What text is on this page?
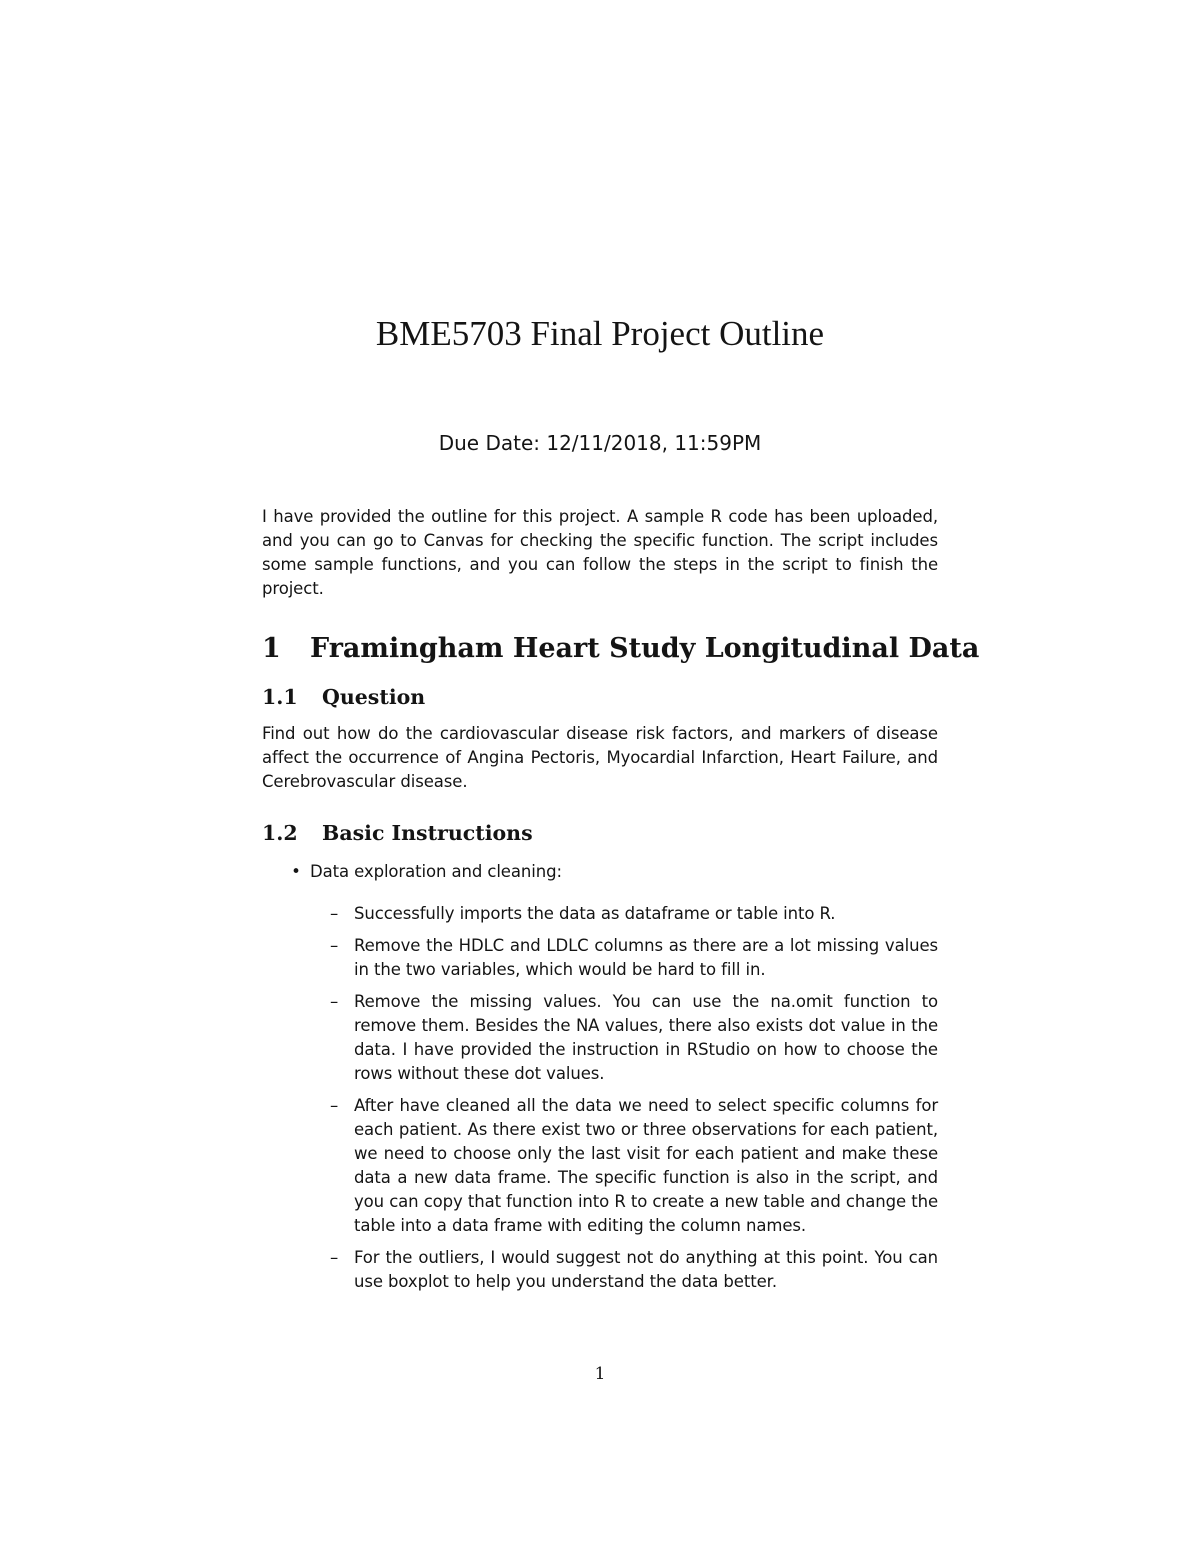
BME5703 Final Project Outline
Due Date: 12/11/2018, 11:59PM
I have provided the outline for this project. A sample R code has been uploaded, and you can go to Canvas for checking the specific function. The script includes some sample functions, and you can follow the steps in the script to finish the project.
1 Framingham Heart Study Longitudinal Data
1.1 Question
Find out how do the cardiovascular disease risk factors, and markers of disease affect the occurrence of Angina Pectoris, Myocardial Infarction, Heart Failure, and Cerebrovascular disease.
1.2 Basic Instructions
• Data exploration and cleaning:
– Successfully imports the data as dataframe or table into R.
– Remove the HDLC and LDLC columns as there are a lot missing values in the two variables, which would be hard to fill in.
– Remove the missing values. You can use the na.omit function to remove them. Besides the NA values, there also exists dot value in the data. I have provided the instruction in RStudio on how to choose the rows without these dot values.
– After have cleaned all the data we need to select specific columns for each patient. As there exist two or three observations for each patient, we need to choose only the last visit for each patient and make these data a new data frame. The specific function is also in the script, and you can copy that function into R to create a new table and change the table into a data frame with editing the column names.
– For the outliers, I would suggest not do anything at this point. You can use boxplot to help you understand the data better.
1
